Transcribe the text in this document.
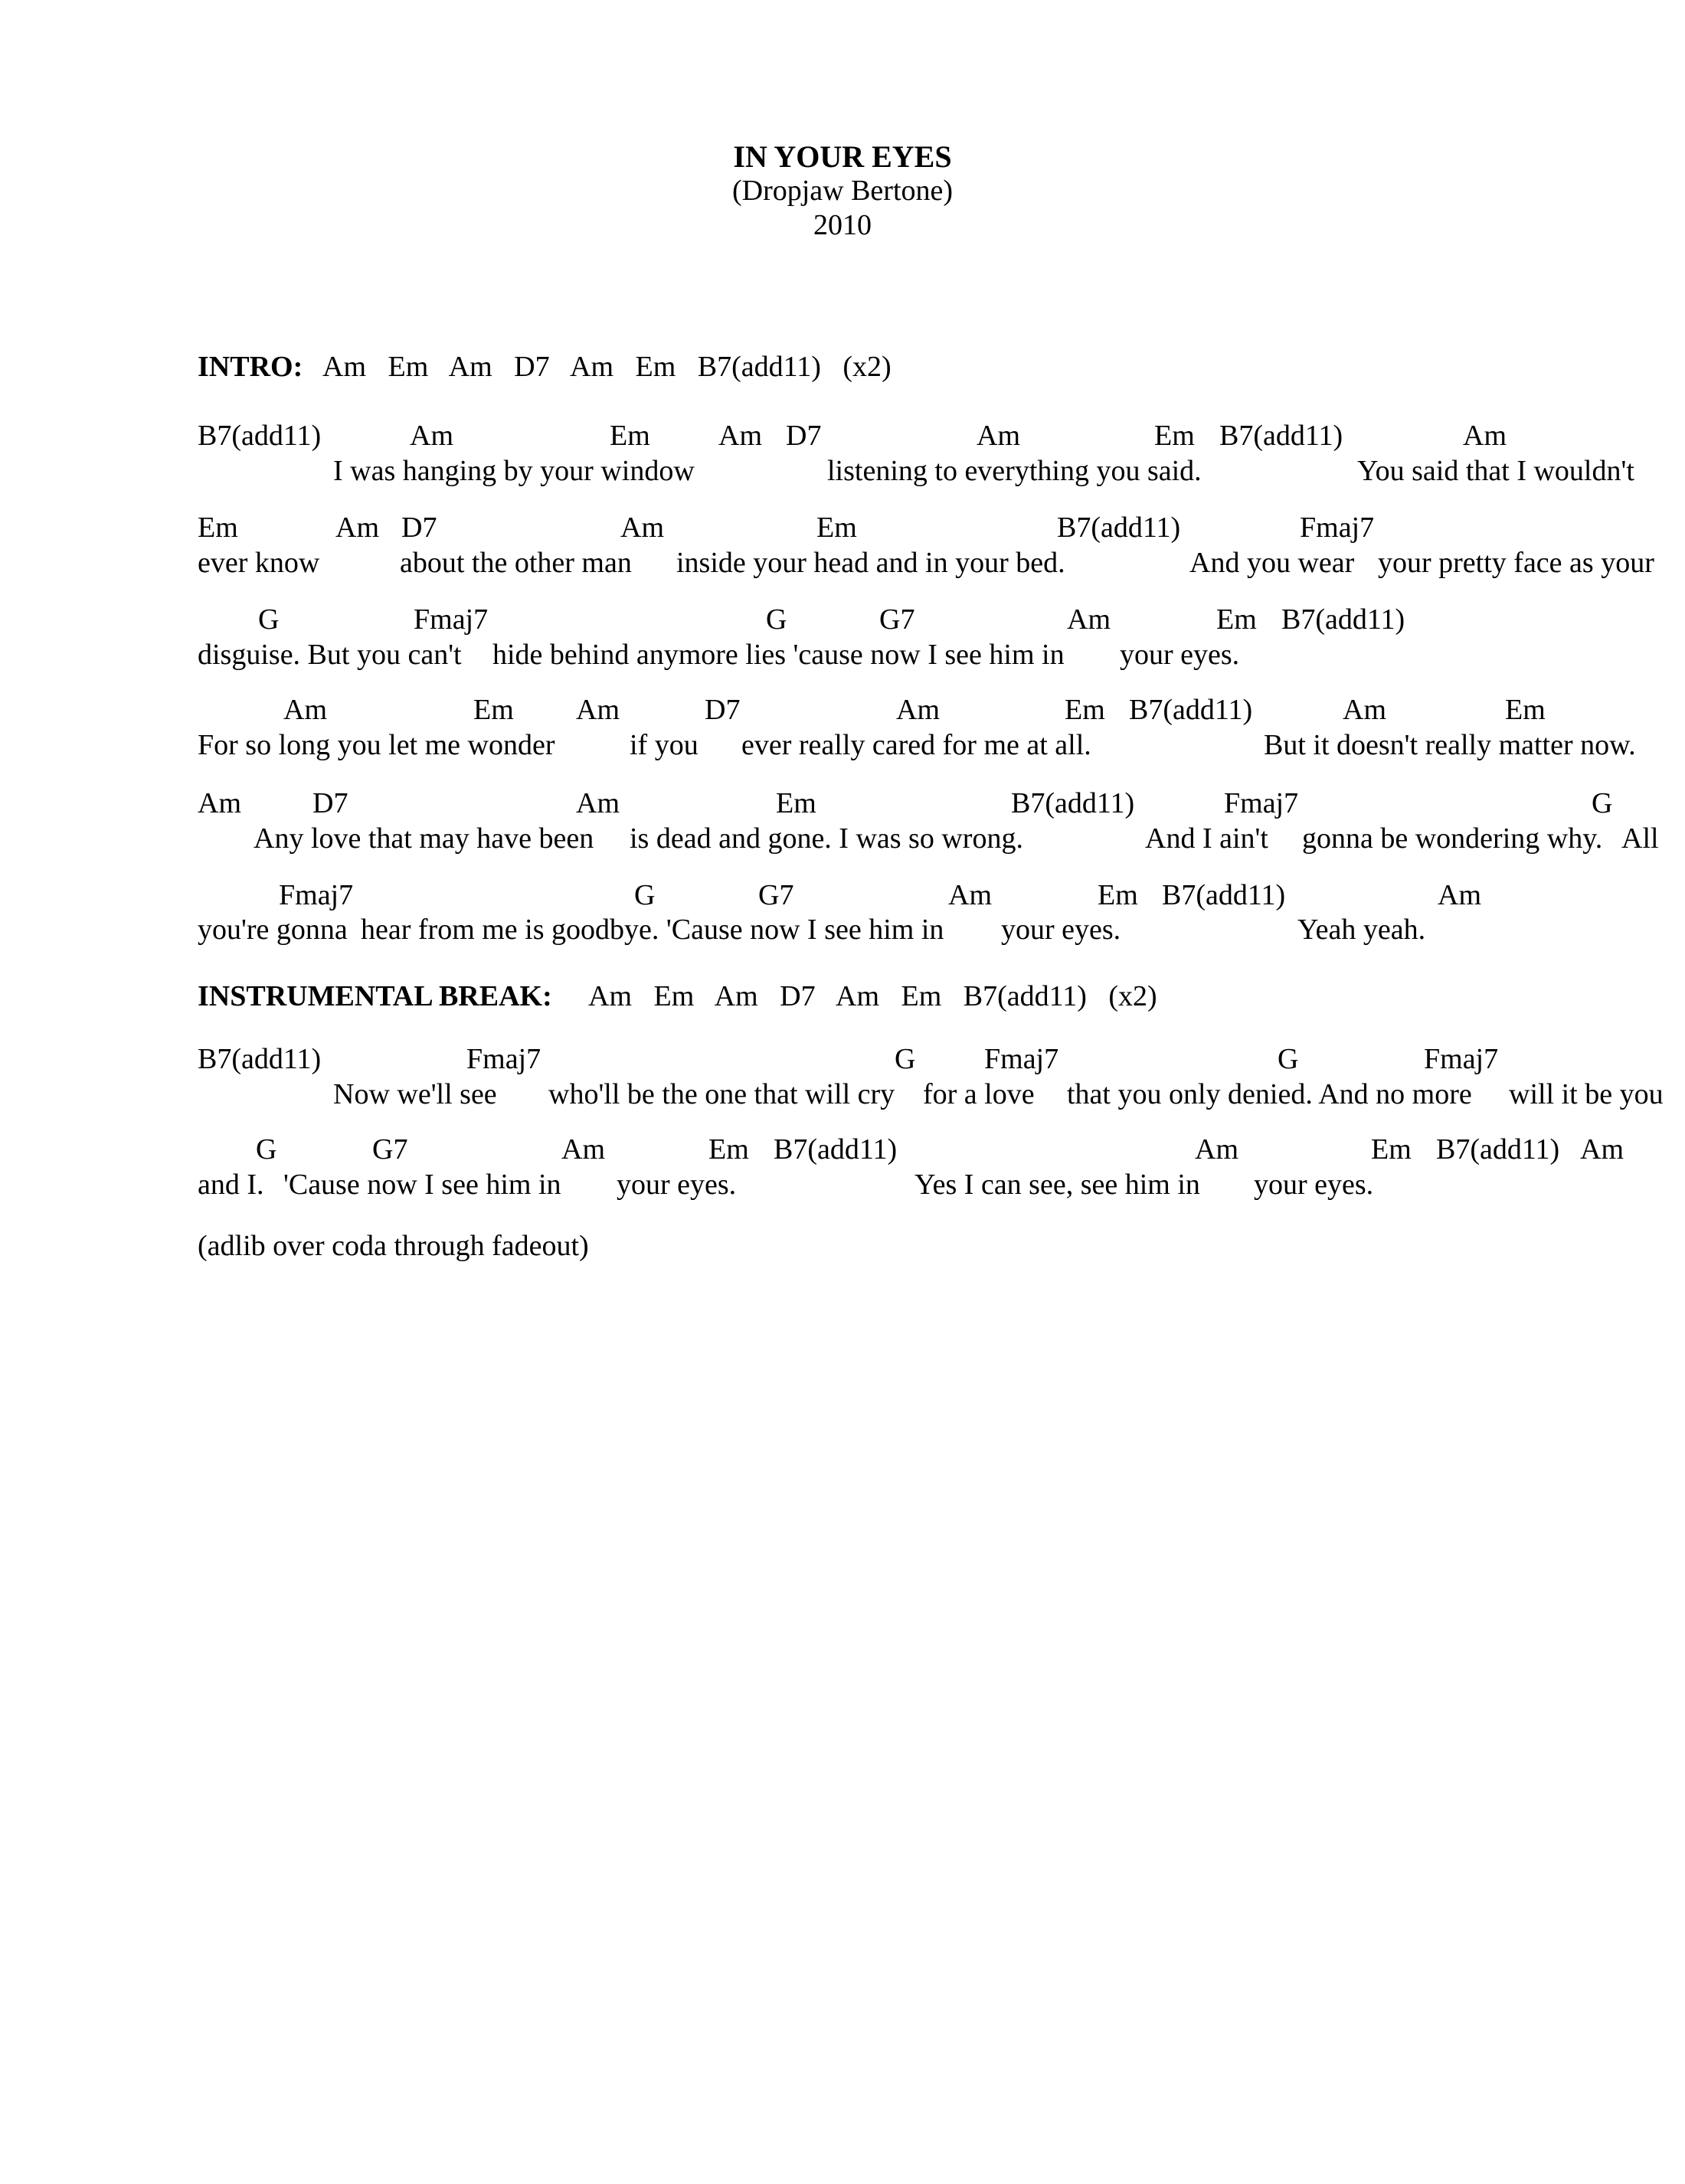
IN YOUR EYES
(Dropjaw Bertone)
2010
INTRO: Am   Em   Am   D7   Am   Em   B7(add11)   (x2)
B7(add11)	Am	Em Am D7	Am	Em B7(add11)	Am
I was hanging by your window	listening to everything you said.	You said that I wouldn't
Em	Am D7	Am	Em	B7(add11)	Fmaj7
ever know	about the other man inside your head and in your bed.	And you wear your pretty face as your
G	Fmaj7	G	G7	Am	Em B7(add11)
disguise. But you can't hide behind anymore lies 'cause now I see him in your eyes.
Am	Em Am	D7	Am	Em B7(add11)	Am	Em
For so long you let me wonder	if you ever really cared for me at all.	But it doesn't really matter now.
Am D7	Am	Em	B7(add11)	Fmaj7	G
Any love that may have been is dead and gone. I was so wrong.	And I ain't gonna be wondering why. All
Fmaj7	G	G7	Am	Em B7(add11)	Am
you're gonna hear from me is goodbye. 'Cause now I see him in your eyes.	Yeah yeah.
INSTRUMENTAL BREAK: Am   Em   Am   D7   Am   Em   B7(add11)   (x2)
B7(add11)	Fmaj7	G Fmaj7	G	Fmaj7
Now we'll see who'll be the one that will cry for a love that you only denied. And no more will it be you
G	G7	Am	Em B7(add11)	Am	Em B7(add11) Am
and I. 'Cause now I see him in your eyes.	Yes I can see, see him in your eyes.
(adlib over coda through fadeout)
